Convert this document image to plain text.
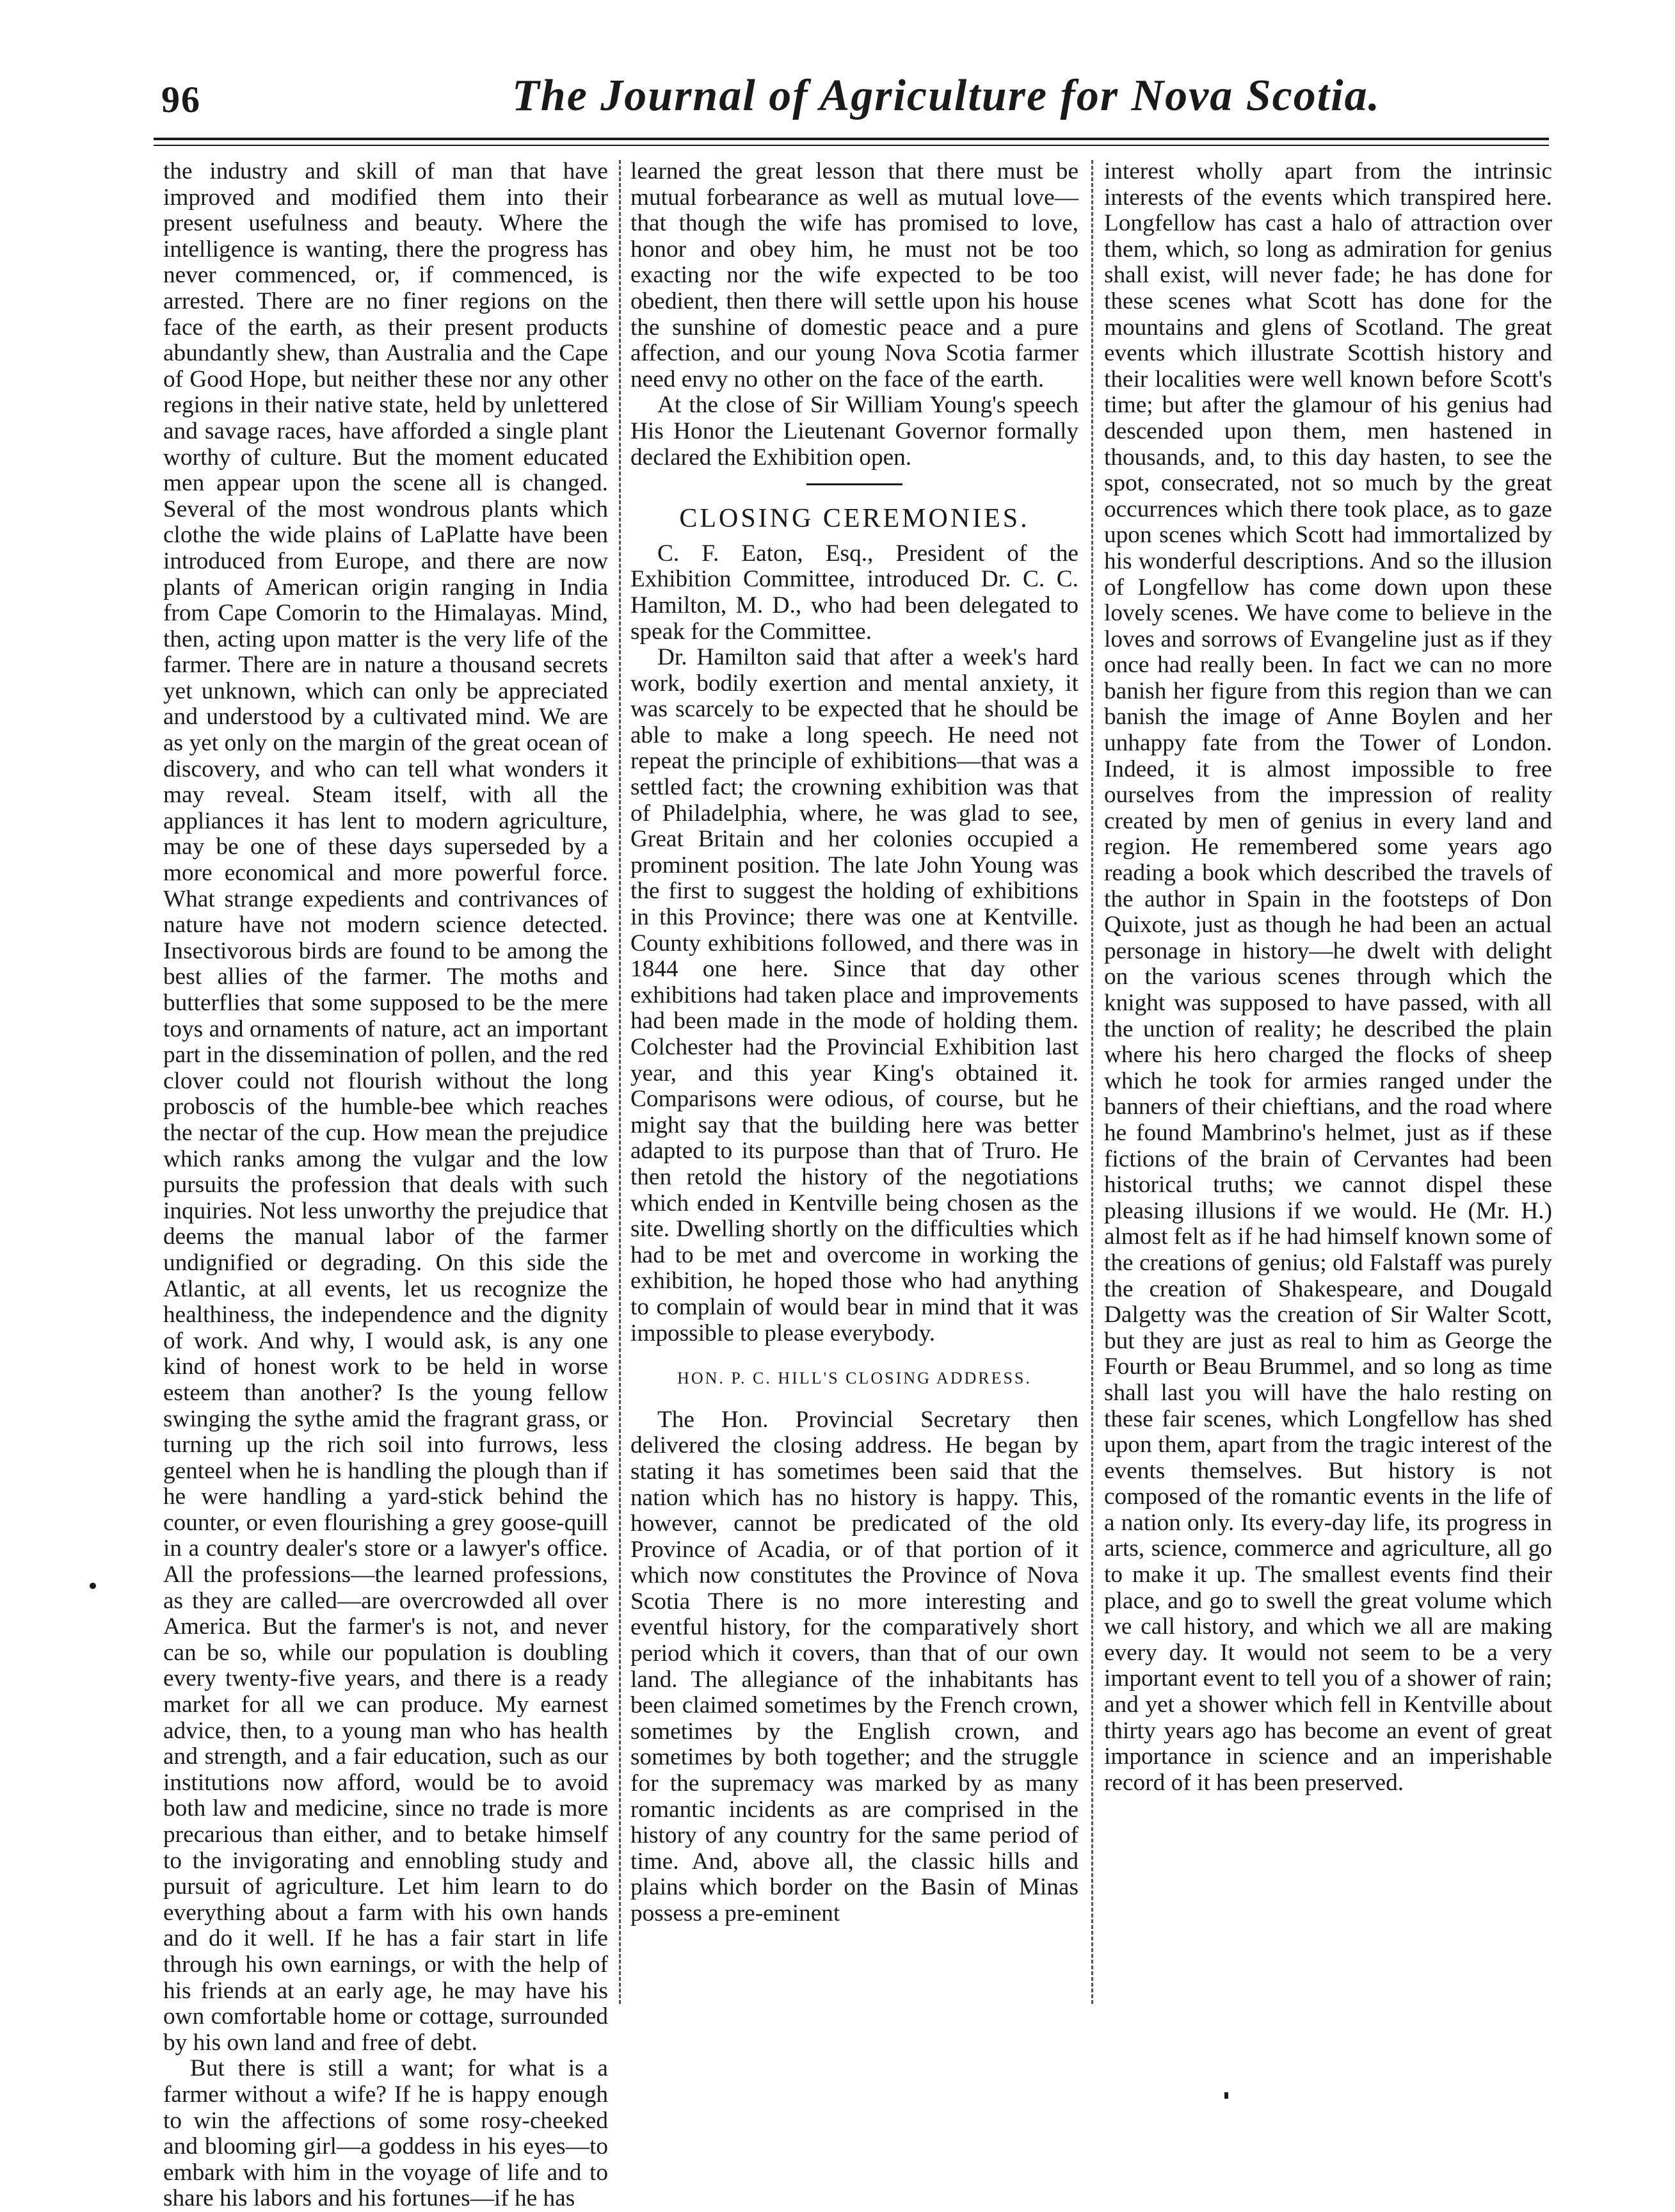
96	The Journal of Agriculture for Nova Scotia.

the industry and skill of man that have improved and modified them into their present usefulness and beauty. Where the intelligence is wanting, there the progress has never commenced, or, if commenced, is arrested. There are no finer regions on the face of the earth, as their present products abundantly shew, than Australia and the Cape of Good Hope, but neither these nor any other regions in their native state, held by unlettered and savage races, have afforded a single plant worthy of culture. But the moment educated men appear upon the scene all is changed. Several of the most wondrous plants which clothe the wide plains of LaPlatte have been introduced from Europe, and there are now plants of American origin ranging in India from Cape Comorin to the Himalayas. Mind, then, acting upon matter is the very life of the farmer. There are in nature a thousand secrets yet unknown, which can only be appreciated and understood by a cultivated mind. We are as yet only on the margin of the great ocean of discovery, and who can tell what wonders it may reveal. Steam itself, with all the appliances it has lent to modern agriculture, may be one of these days superseded by a more economical and more powerful force. What strange expedients and contrivances of nature have not modern science detected. Insectivorous birds are found to be among the best allies of the farmer. The moths and butterflies that some supposed to be the mere toys and ornaments of nature, act an important part in the dissemination of pollen, and the red clover could not flourish without the long proboscis of the humble-bee which reaches the nectar of the cup. How mean the prejudice which ranks among the vulgar and the low pursuits the profession that deals with such inquiries. Not less unworthy the prejudice that deems the manual labor of the farmer undignified or degrading. On this side the Atlantic, at all events, let us recognize the healthiness, the independence and the dignity of work. And why, I would ask, is any one kind of honest work to be held in worse esteem than another? Is the young fellow swinging the sythe amid the fragrant grass, or turning up the rich soil into furrows, less genteel when he is handling the plough than if he were handling a yard-stick behind the counter, or even flourishing a grey goose-quill in a country dealer's store or a lawyer's office. All the professions—the learned professions, as they are called—are overcrowded all over America. But the farmer's is not, and never can be so, while our population is doubling every twenty-five years, and there is a ready market for all we can produce. My earnest advice, then, to a young man who has health and strength, and a fair education, such as our institutions now afford, would be to avoid both law and medicine, since no trade is more precarious than either, and to betake himself to the invigorating and ennobling study and pursuit of agriculture. Let him learn to do everything about a farm with his own hands and do it well. If he has a fair start in life through his own earnings, or with the help of his friends at an early age, he may have his own comfortable home or cottage, surrounded by his own land and free of debt.

But there is still a want; for what is a farmer without a wife? If he is happy enough to win the affections of some rosy-cheeked and blooming girl—a goddess in his eyes—to embark with him in the voyage of life and to share his labors and his fortunes—if he has

learned the great lesson that there must be mutual forbearance as well as mutual love—that though the wife has promised to love, honor and obey him, he must not be too exacting nor the wife expected to be too obedient, then there will settle upon his house the sunshine of domestic peace and a pure affection, and our young Nova Scotia farmer need envy no other on the face of the earth.

At the close of Sir William Young's speech His Honor the Lieutenant Governor formally declared the Exhibition open.

CLOSING CEREMONIES.

C. F. Eaton, Esq., President of the Exhibition Committee, introduced Dr. C. C. Hamilton, M. D., who had been delegated to speak for the Committee.

Dr. Hamilton said that after a week's hard work, bodily exertion and mental anxiety, it was scarcely to be expected that he should be able to make a long speech. He need not repeat the principle of exhibitions—that was a settled fact; the crowning exhibition was that of Philadelphia, where, he was glad to see, Great Britain and her colonies occupied a prominent position. The late John Young was the first to suggest the holding of exhibitions in this Province; there was one at Kentville. County exhibitions followed, and there was in 1844 one here. Since that day other exhibitions had taken place and improvements had been made in the mode of holding them. Colchester had the Provincial Exhibition last year, and this year King's obtained it. Comparisons were odious, of course, but he might say that the building here was better adapted to its purpose than that of Truro. He then retold the history of the negotiations which ended in Kentville being chosen as the site. Dwelling shortly on the difficulties which had to be met and overcome in working the exhibition, he hoped those who had anything to complain of would bear in mind that it was impossible to please everybody.

HON. P. C. HILL'S CLOSING ADDRESS.

The Hon. Provincial Secretary then delivered the closing address. He began by stating it has sometimes been said that the nation which has no history is happy. This, however, cannot be predicated of the old Province of Acadia, or of that portion of it which now constitutes the Province of Nova Scotia There is no more interesting and eventful history, for the comparatively short period which it covers, than that of our own land. The allegiance of the inhabitants has been claimed sometimes by the French crown, sometimes by the English crown, and sometimes by both together; and the struggle for the supremacy was marked by as many romantic incidents as are comprised in the history of any country for the same period of time. And, above all, the classic hills and plains which border on the Basin of Minas possess a pre-eminent

interest wholly apart from the intrinsic interests of the events which transpired here. Longfellow has cast a halo of attraction over them, which, so long as admiration for genius shall exist, will never fade; he has done for these scenes what Scott has done for the mountains and glens of Scotland. The great events which illustrate Scottish history and their localities were well known before Scott's time; but after the glamour of his genius had descended upon them, men hastened in thousands, and, to this day hasten, to see the spot, consecrated, not so much by the great occurrences which there took place, as to gaze upon scenes which Scott had immortalized by his wonderful descriptions. And so the illusion of Longfellow has come down upon these lovely scenes. We have come to believe in the loves and sorrows of Evangeline just as if they once had really been. In fact we can no more banish her figure from this region than we can banish the image of Anne Boylen and her unhappy fate from the Tower of London. Indeed, it is almost impossible to free ourselves from the impression of reality created by men of genius in every land and region. He remembered some years ago reading a book which described the travels of the author in Spain in the footsteps of Don Quixote, just as though he had been an actual personage in history—he dwelt with delight on the various scenes through which the knight was supposed to have passed, with all the unction of reality; he described the plain where his hero charged the flocks of sheep which he took for armies ranged under the banners of their chieftians, and the road where he found Mambrino's helmet, just as if these fictions of the brain of Cervantes had been historical truths; we cannot dispel these pleasing illusions if we would. He (Mr. H.) almost felt as if he had himself known some of the creations of genius; old Falstaff was purely the creation of Shakespeare, and Dougald Dalgetty was the creation of Sir Walter Scott, but they are just as real to him as George the Fourth or Beau Brummel, and so long as time shall last you will have the halo resting on these fair scenes, which Longfellow has shed upon them, apart from the tragic interest of the events themselves. But history is not composed of the romantic events in the life of a nation only. Its every-day life, its progress in arts, science, commerce and agriculture, all go to make it up. The smallest events find their place, and go to swell the great volume which we call history, and which we all are making every day. It would not seem to be a very important event to tell you of a shower of rain; and yet a shower which fell in Kentville about thirty years ago has become an event of great importance in science and an imperishable record of it has been preserved.
